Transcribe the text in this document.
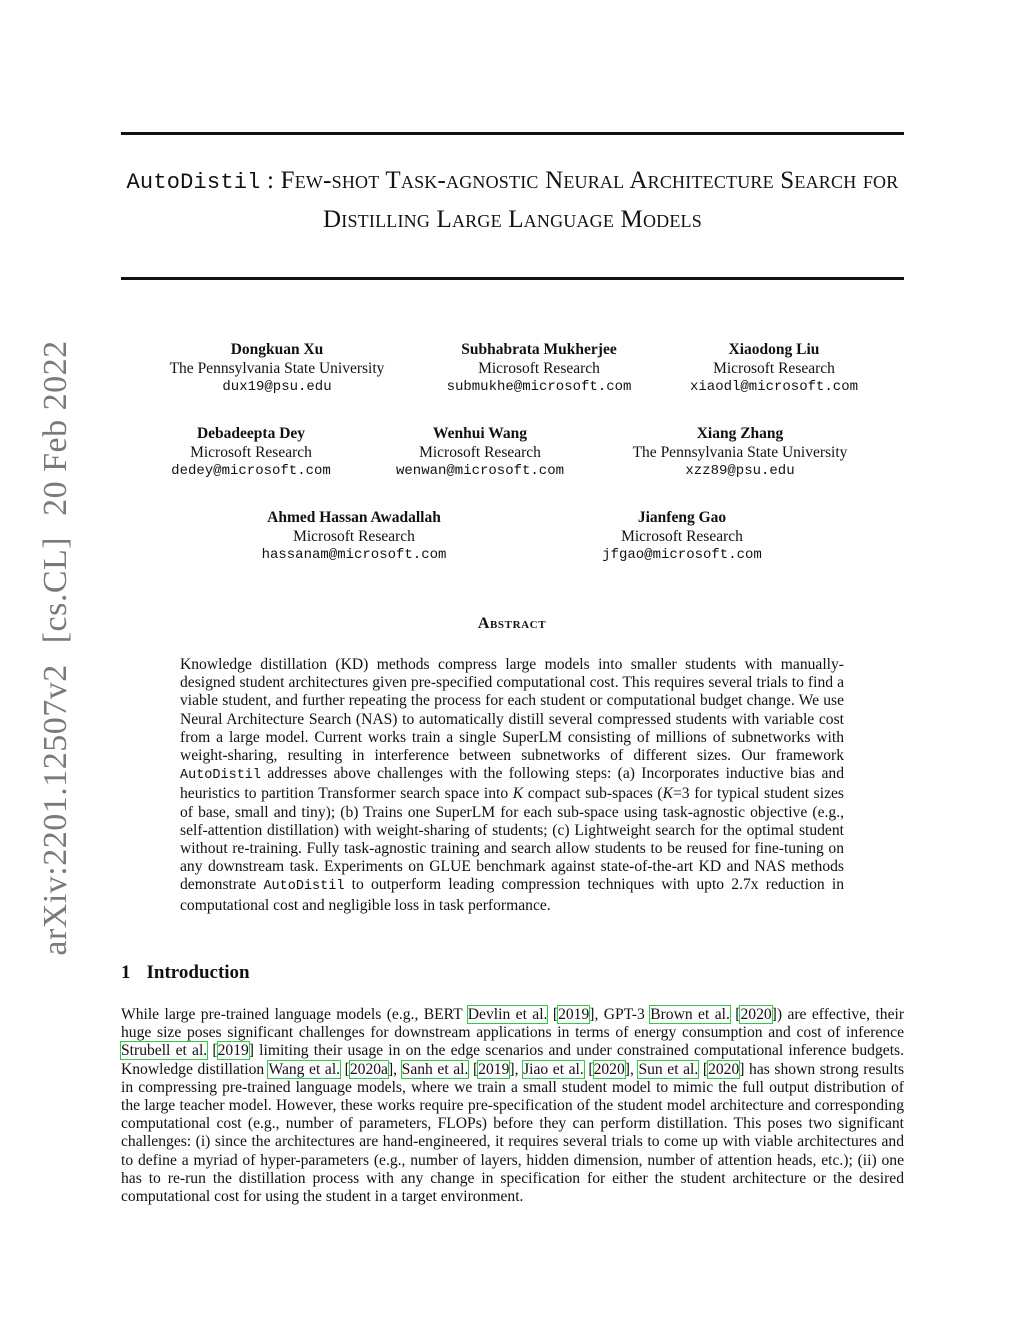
arXiv:2201.12507v2 [cs.CL] 20 Feb 2022
AutoDistil : Few-shot Task-agnostic Neural Architecture Search for Distilling Large Language Models
Dongkuan Xu
The Pennsylvania State University
dux19@psu.edu
Subhabrata Mukherjee
Microsoft Research
submukhe@microsoft.com
Xiaodong Liu
Microsoft Research
xiaodl@microsoft.com
Debadeepta Dey
Microsoft Research
dedey@microsoft.com
Wenhui Wang
Microsoft Research
wenwan@microsoft.com
Xiang Zhang
The Pennsylvania State University
xzz89@psu.edu
Ahmed Hassan Awadallah
Microsoft Research
hassanam@microsoft.com
Jianfeng Gao
Microsoft Research
jfgao@microsoft.com
Abstract
Knowledge distillation (KD) methods compress large models into smaller students with manually-designed student architectures given pre-specified computational cost. This requires several trials to find a viable student, and further repeating the process for each student or computational budget change. We use Neural Architecture Search (NAS) to automatically distill several compressed students with variable cost from a large model. Current works train a single SuperLM consisting of millions of subnetworks with weight-sharing, resulting in interference between subnetworks of different sizes. Our framework AutoDistil addresses above challenges with the following steps: (a) Incorporates inductive bias and heuristics to partition Transformer search space into K compact sub-spaces (K=3 for typical student sizes of base, small and tiny); (b) Trains one SuperLM for each sub-space using task-agnostic objective (e.g., self-attention distillation) with weight-sharing of students; (c) Lightweight search for the optimal student without re-training. Fully task-agnostic training and search allow students to be reused for fine-tuning on any downstream task. Experiments on GLUE benchmark against state-of-the-art KD and NAS methods demonstrate AutoDistil to outperform leading compression techniques with upto 2.7x reduction in computational cost and negligible loss in task performance.
1 Introduction
While large pre-trained language models (e.g., BERT Devlin et al. [2019], GPT-3 Brown et al. [2020]) are effective, their huge size poses significant challenges for downstream applications in terms of energy consumption and cost of inference Strubell et al. [2019] limiting their usage in on the edge scenarios and under constrained computational inference budgets. Knowledge distillation Wang et al. [2020a], Sanh et al. [2019], Jiao et al. [2020], Sun et al. [2020] has shown strong results in compressing pre-trained language models, where we train a small student model to mimic the full output distribution of the large teacher model. However, these works require pre-specification of the student model architecture and corresponding computational cost (e.g., number of parameters, FLOPs) before they can perform distillation. This poses two significant challenges: (i) since the architectures are hand-engineered, it requires several trials to come up with viable architectures and to define a myriad of hyper-parameters (e.g., number of layers, hidden dimension, number of attention heads, etc.); (ii) one has to re-run the distillation process with any change in specification for either the student architecture or the desired computational cost for using the student in a target environment.
